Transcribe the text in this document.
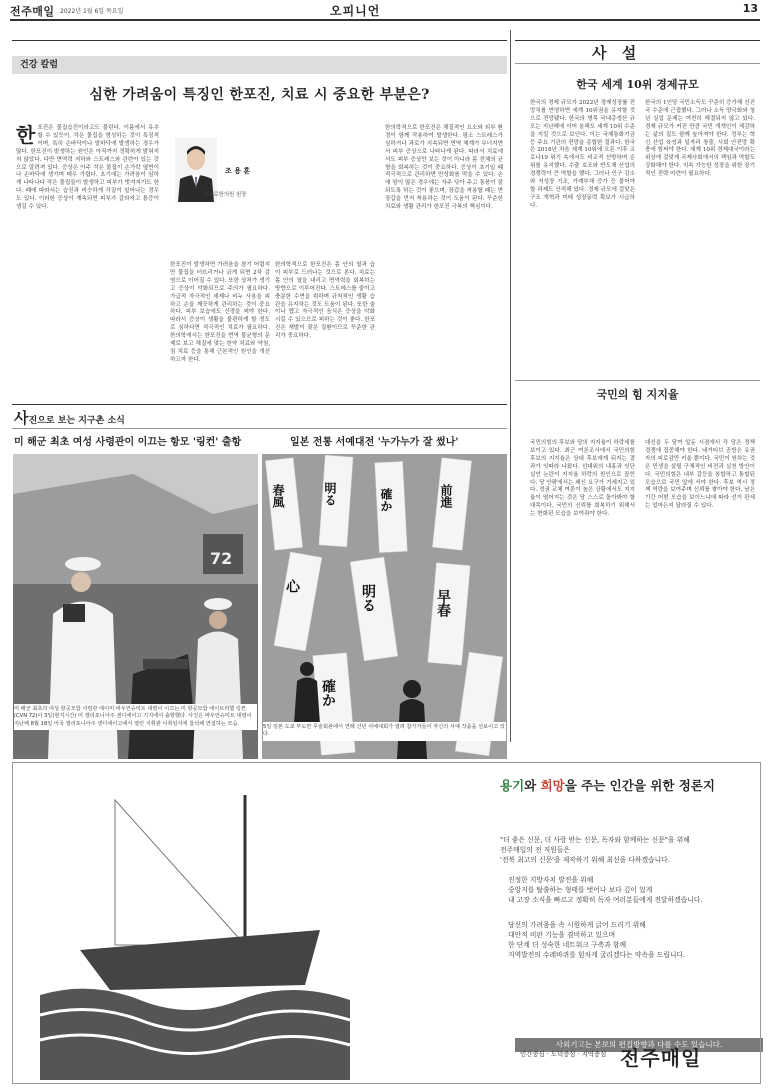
전주매일 2022년 1월 6일 목요일	오피니언	13
건강 칼럼
심한 가려움이 특징인 한포진, 치료 시 중요한 부분은?
한 포진은 물집습진이라고도 불린다. 이름에서 유추할 수 있듯이, 작은 물집을 형성하는 것이 특징적이며, 특히 손바닥이나 발바닥에 발생하는 경우가 많다. 한포진이 발생하는 원인은 아직까지 정확하게 밝혀지지 않았다. 다만 면역력 저하와 스트레스와 관련이 있는 것으로 알려져 있다. 증상은 아주 작은 물집이 손가락 옆면이나 손바닥에 생기며 매우 가렵다. 초기에는 가려움이 심하게 나타나다 작은 물집들이 발생하고 피부가 벗겨지기도 한다. 때에 따라서는 습진과 비슷하게 각질이 일어나는 경우도 있다. 이러한 증상이 계속되면 피부가 갈라지고 통증이 생길 수 있다.

조 용 훈
미소로한의원 원장

한포진이 발생하면 가려움을 참기 어렵지만 물집을 터뜨리거나 긁게 되면 2차 감염으로 이어질 수 있다. 또한 상처가 생기고 증상이 악화되므로 주의가 필요하다. 가급적 자극적인 세제나 비누 사용을 피하고 손을 깨끗하게 관리하는 것이 중요하다. 피부 보습에도 신경을 써야 한다. 따라서 증상이 생활을 불편하게 할 정도로 심하다면 적극적인 치료가 필요하다. 한의학에서는 한포진을 면역 불균형의 문제로 보고 체질에 맞는 한약 치료와 약침, 침 치료 등을 통해 근본적인 원인을 개선하고자 한다.

한의학적으로 한포진은 몸 안의 열과 습이 피부로 드러나는 것으로 본다. 치료는 몸 안의 열을 내리고 면역력을 회복하는 방향으로 이루어진다. 스트레스를 줄이고 충분한 수면을 취하며 규칙적인 생활 습관을 유지하는 것도 도움이 된다. 또한 술이나 맵고 자극적인 음식은 증상을 악화시킬 수 있으므로 피하는 것이 좋다. 한포진은 재발이 잦은 질환이므로 꾸준한 관리가 중요하다.

한의학적으로 한포진은 체질적인 요소와 외부 환경이 함께 작용하여 발생한다. 평소 스트레스가 심하거나 과로가 지속되면 면역 체계가 무너지면서 피부 증상으로 나타나게 된다. 따라서 치료에서도 피부 증상만 보는 것이 아니라 몸 전체의 균형을 회복하는 것이 중요하다. 증상이 초기일 때 적극적으로 관리하면 만성화를 막을 수 있다. 손에 땀이 많은 경우에는 자주 닦아 주고 통풍이 잘 되도록 하는 것이 좋으며, 장갑을 착용할 때는 면장갑을 먼저 착용하는 것이 도움이 된다. 꾸준한 치료와 생활 관리가 한포진 극복의 핵심이다.

사 설
한국 세계 10위 경제규모

한국의 경제 규모가 2022년 경제성장률 전망치를 반영하면 세계 10위권을 유지할 것으로 전망됐다. 한국의 명목 국내총생산 규모는 지난해에 이어 올해도 세계 10위 수준을 지킬 것으로 보인다. 이는 국제통화기금 등 주요 기관의 전망을 종합한 결과다. 한국은 2018년 처음 세계 10위에 오른 이후 코로나19 위기 속에서도 비교적 선방하며 순위를 유지했다. 수출 호조와 반도체 산업의 경쟁력이 큰 역할을 했다. 그러나 인구 감소와 저성장 기조, 가계부채 증가 등 풀어야 할 과제도 산적해 있다. 경제 규모에 걸맞은 구조 개혁과 미래 성장동력 확보가 시급하다.

한국의 1인당 국민소득도 꾸준히 증가해 선진국 수준에 근접했다. 그러나 소득 양극화와 청년 실업 문제는 여전히 해결되지 않고 있다. 경제 규모가 커진 만큼 국민 개개인이 체감하는 삶의 질도 함께 높아져야 한다. 정부는 혁신 산업 육성과 일자리 창출, 사회 안전망 확충에 힘써야 한다. 세계 10위 경제대국이라는 위상에 걸맞게 국제사회에서의 책임과 역할도 강화해야 한다. 지속 가능한 성장을 위한 장기적인 전략 마련이 필요하다.

국민의 힘 지지율

국민의힘의 후보와 당의 지지율이 하락세를 보이고 있다. 최근 여론조사에서 국민의힘 후보의 지지율은 상대 후보에게 뒤지는 결과가 잇따라 나왔다. 선대위의 내홍과 잇단 실언 논란이 지지율 하락의 원인으로 꼽힌다. 당 안팎에서는 쇄신 요구가 거세지고 있다. 정권 교체 여론이 높은 상황에서도 지지율이 떨어지는 것은 당 스스로 돌아봐야 할 대목이다. 국민의 신뢰를 회복하기 위해서는 변화된 모습을 보여줘야 한다.

대선을 두 달여 앞둔 시점에서 각 당은 정책 경쟁에 집중해야 한다. 네거티브 공방은 유권자의 피로감만 키울 뿐이다. 국민이 원하는 것은 민생을 살릴 구체적인 비전과 실천 방안이다. 국민의힘은 내부 갈등을 봉합하고 통합된 모습으로 국민 앞에 서야 한다. 후보 역시 정책 역량을 보여주며 신뢰를 쌓아야 한다. 남은 기간 어떤 모습을 보이느냐에 따라 선거 판세는 얼마든지 달라질 수 있다.

사외기고는 본보의 편집방향과 다를 수도 있습니다.
사진으로 보는 지구촌 소식
미 해군 최초 여성 사령관이 이끄는 항모 '링컨' 출항	일본 전통 서예대전 '누가누가 잘 썼나'
72
春風	明る	確か	前進
心	明る	早春
確か
용기와 희망을 주는 인간을 위한 정론지

"더 좋은 신문, 더 사랑 받는 신문, 독자와 함께하는 신문"을 위해

전주매일의 전 직원들은

'전북 최고의 신문'을 제작하기 위해 최선을 다하겠습니다.

진정한 지방자치 발전을 위해

중앙지를 탈출하는 형태를 벗어나 보다 깊이 있게

내 고장 소식을 빠르고 정확히 독자 여러분들에게 전달하겠습니다.

당신의 가려움을 속 시원하게 긁어 드리기 위해

대안적 비판 기능을 겸비하고 있으며

한 단계 더 성숙한 네트워크 구축과 함께

지역발전의 수레바퀴를 힘차게 굴리겠다는 약속을 드립니다.

인간중심 · 도덕중심 · 지역중심 전주매일

미 해군 최초의 여성 항공모함 사령관 에이미 바우언슈미트 대령이 이끄는 미 항공모함 에이브러햄 링컨(CVN 72)이 3일(현지시간) 미 캘리포니아주 샌디에이고 기지에서 출항했다. 사진은 바우언슈미트 대령이 지난해 8월 18일 미국 캘리포니아주 샌디에이고에서 열린 지휘관 이취임식에 참석해 연설하는 모습.

5일 일본 도쿄 부도칸 무술회관에서 연례 신년 서예대회가 열려 참가자들이 자신의 서예 작품을 선보이고 있다.
